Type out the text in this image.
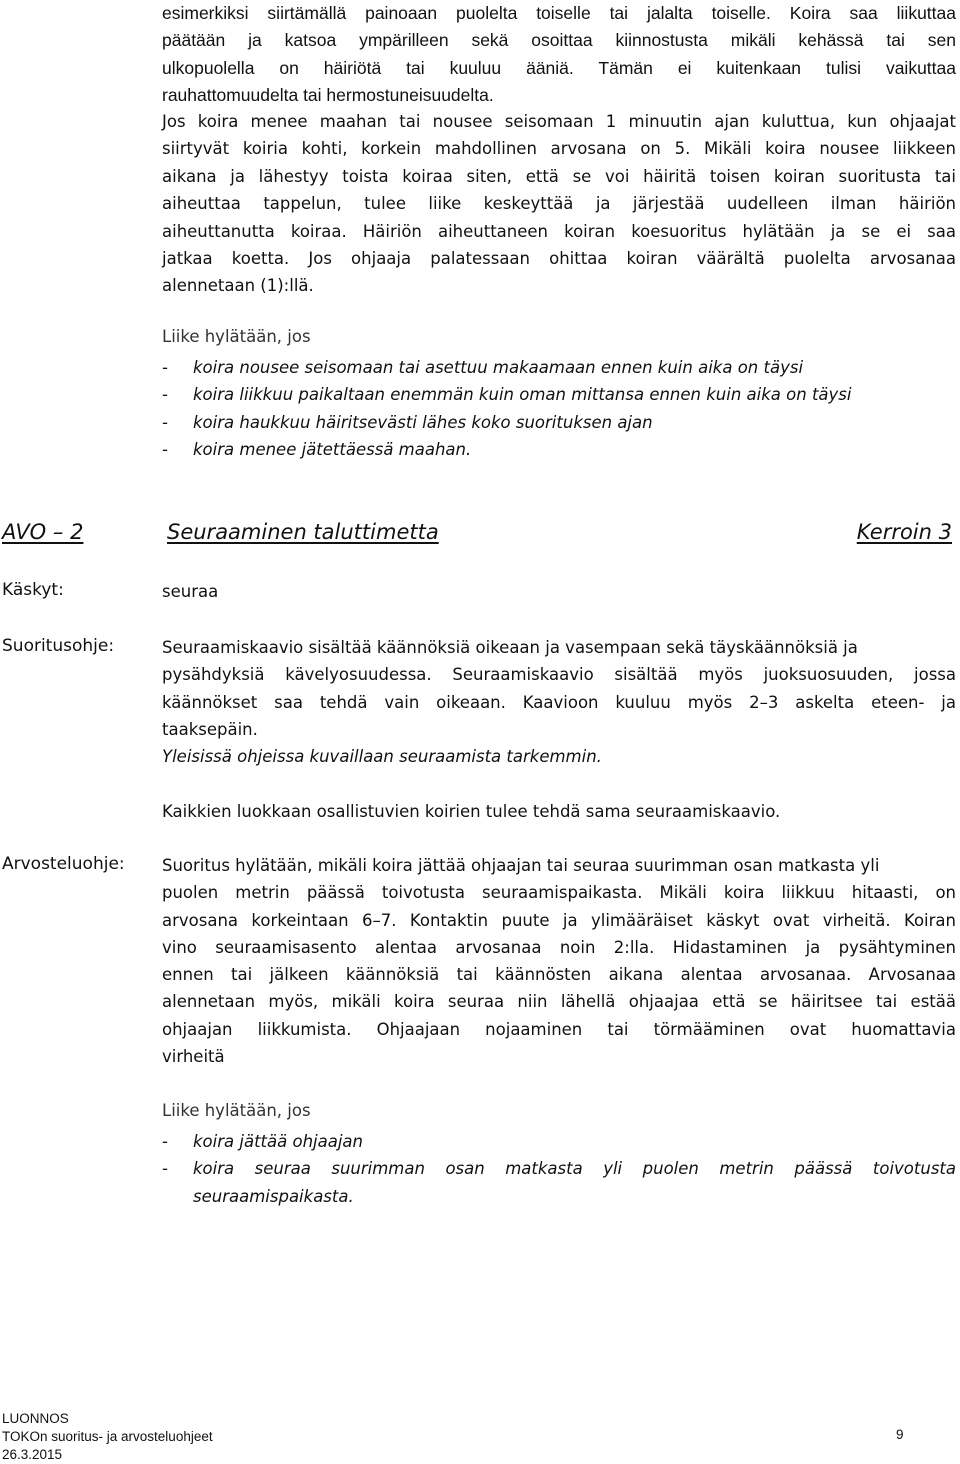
esimerkiksi siirtämällä painoaan puolelta toiselle tai jalalta toiselle. Koira saa liikuttaa
päätään ja katsoa ympärilleen sekä osoittaa kiinnostusta mikäli kehässä tai sen
ulkopuolella on häiriötä tai kuuluu ääniä. Tämän ei kuitenkaan tulisi vaikuttaa
rauhattomuudelta tai hermostuneisuudelta.
Jos koira menee maahan tai nousee seisomaan 1 minuutin ajan kuluttua, kun ohjaajat
siirtyvät koiria kohti, korkein mahdollinen arvosana on 5. Mikäli koira nousee liikkeen
aikana ja lähestyy toista koiraa siten, että se voi häiritä toisen koiran suoritusta tai
aiheuttaa tappelun, tulee liike keskeyttää ja järjestää uudelleen ilman häiriön
aiheuttanutta koiraa. Häiriön aiheuttaneen koiran koesuoritus hylätään ja se ei saa
jatkaa koetta. Jos ohjaaja palatessaan ohittaa koiran väärältä puolelta arvosanaa
alennetaan (1):llä.
Liike hylätään, jos
- koira nousee seisomaan tai asettuu makaamaan ennen kuin aika on täysi
- koira liikkuu paikaltaan enemmän kuin oman mittansa ennen kuin aika on täysi
- koira haukkuu häiritsevästi lähes koko suorituksen ajan
- koira menee jätettäessä maahan.
AVO – 2	Seuraaminen taluttimetta	Kerroin 3
Käskyt:	seuraa
Suoritusohje:	Seuraamiskaavio sisältää käännöksiä oikeaan ja vasempaan sekä täyskäännöksiä ja
pysähdyksiä kävelyosuudessa. Seuraamiskaavio sisältää myös juoksuosuuden, jossa
käännökset saa tehdä vain oikeaan. Kaavioon kuuluu myös 2–3 askelta eteen- ja
taaksepäin.
Yleisissä ohjeissa kuvaillaan seuraamista tarkemmin.
Kaikkien luokkaan osallistuvien koirien tulee tehdä sama seuraamiskaavio.
Arvosteluohje: Suoritus hylätään, mikäli koira jättää ohjaajan tai seuraa suurimman osan matkasta yli
puolen metrin päässä toivotusta seuraamispaikasta. Mikäli koira liikkuu hitaasti, on
arvosana korkeintaan 6–7. Kontaktin puute ja ylimääräiset käskyt ovat virheitä. Koiran
vino seuraamisasento alentaa arvosanaa noin 2:lla. Hidastaminen ja pysähtyminen
ennen tai jälkeen käännöksiä tai käännösten aikana alentaa arvosanaa. Arvosanaa
alennetaan myös, mikäli koira seuraa niin lähellä ohjaajaa että se häiritsee tai estää
ohjaajan liikkumista. Ohjaajaan nojaaminen tai törmääminen ovat huomattavia
virheitä
Liike hylätään, jos
- koira jättää ohjaajan
- koira seuraa suurimman osan matkasta yli puolen metrin päässä toivotusta
seuraamispaikasta.
LUONNOS
TOKOn suoritus- ja arvosteluohjeet
26.3.2015
9
